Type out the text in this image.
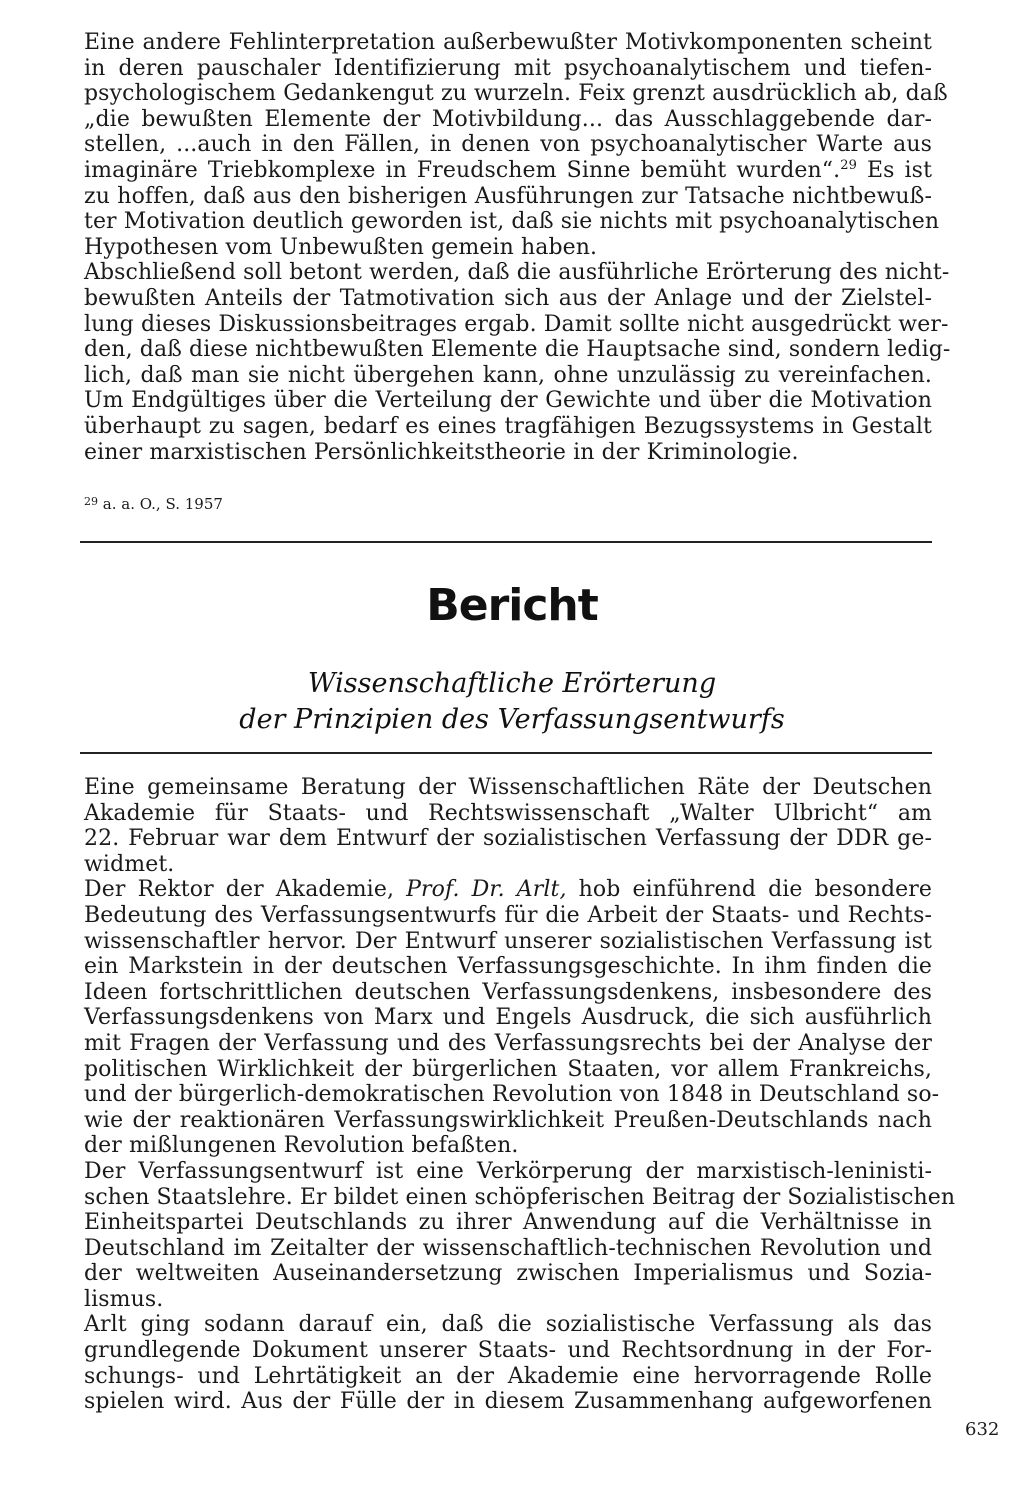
Eine andere Fehlinterpretation außerbewußter Motivkomponenten scheint
in deren pauschaler Identifizierung mit psychoanalytischem und tiefen-
psychologischem Gedankengut zu wurzeln. Feix grenzt ausdrücklich ab, daß
„die bewußten Elemente der Motivbildung... das Ausschlaggebende dar-
stellen, ...auch in den Fällen, in denen von psychoanalytischer Warte aus
imaginäre Triebkomplexe in Freudschem Sinne bemüht wurden“.$^{29}$ Es ist
zu hoffen, daß aus den bisherigen Ausführungen zur Tatsache nichtbewuß-
ter Motivation deutlich geworden ist, daß sie nichts mit psychoanalytischen
Hypothesen vom Unbewußten gemein haben.
Abschließend soll betont werden, daß die ausführliche Erörterung des nicht-
bewußten Anteils der Tatmotivation sich aus der Anlage und der Zielstel-
lung dieses Diskussionsbeitrages ergab. Damit sollte nicht ausgedrückt wer-
den, daß diese nichtbewußten Elemente die Hauptsache sind, sondern ledig-
lich, daß man sie nicht übergehen kann, ohne unzulässig zu vereinfachen.
Um Endgültiges über die Verteilung der Gewichte und über die Motivation
überhaupt zu sagen, bedarf es eines tragfähigen Bezugssystems in Gestalt
einer marxistischen Persönlichkeitstheorie in der Kriminologie.
$^{29}$ a. a. O., S. 1957
Bericht
Wissenschaftliche Erörterung
der Prinzipien des Verfassungsentwurfs
Eine gemeinsame Beratung der Wissenschaftlichen Räte der Deutschen
Akademie für Staats- und Rechtswissenschaft „Walter Ulbricht“ am
22. Februar war dem Entwurf der sozialistischen Verfassung der DDR ge-
widmet.
Der Rektor der Akademie, Prof. Dr. Arlt, hob einführend die besondere
Bedeutung des Verfassungsentwurfs für die Arbeit der Staats- und Rechts-
wissenschaftler hervor. Der Entwurf unserer sozialistischen Verfassung ist
ein Markstein in der deutschen Verfassungsgeschichte. In ihm finden die
Ideen fortschrittlichen deutschen Verfassungsdenkens, insbesondere des
Verfassungsdenkens von Marx und Engels Ausdruck, die sich ausführlich
mit Fragen der Verfassung und des Verfassungsrechts bei der Analyse der
politischen Wirklichkeit der bürgerlichen Staaten, vor allem Frankreichs,
und der bürgerlich-demokratischen Revolution von 1848 in Deutschland so-
wie der reaktionären Verfassungswirklichkeit Preußen-Deutschlands nach
der mißlungenen Revolution befaßten.
Der Verfassungsentwurf ist eine Verkörperung der marxistisch-leninisti-
schen Staatslehre. Er bildet einen schöpferischen Beitrag der Sozialistischen
Einheitspartei Deutschlands zu ihrer Anwendung auf die Verhältnisse in
Deutschland im Zeitalter der wissenschaftlich-technischen Revolution und
der weltweiten Auseinandersetzung zwischen Imperialismus und Sozia-
lismus.
Arlt ging sodann darauf ein, daß die sozialistische Verfassung als das
grundlegende Dokument unserer Staats- und Rechtsordnung in der For-
schungs- und Lehrtätigkeit an der Akademie eine hervorragende Rolle
spielen wird. Aus der Fülle der in diesem Zusammenhang aufgeworfenen
632
